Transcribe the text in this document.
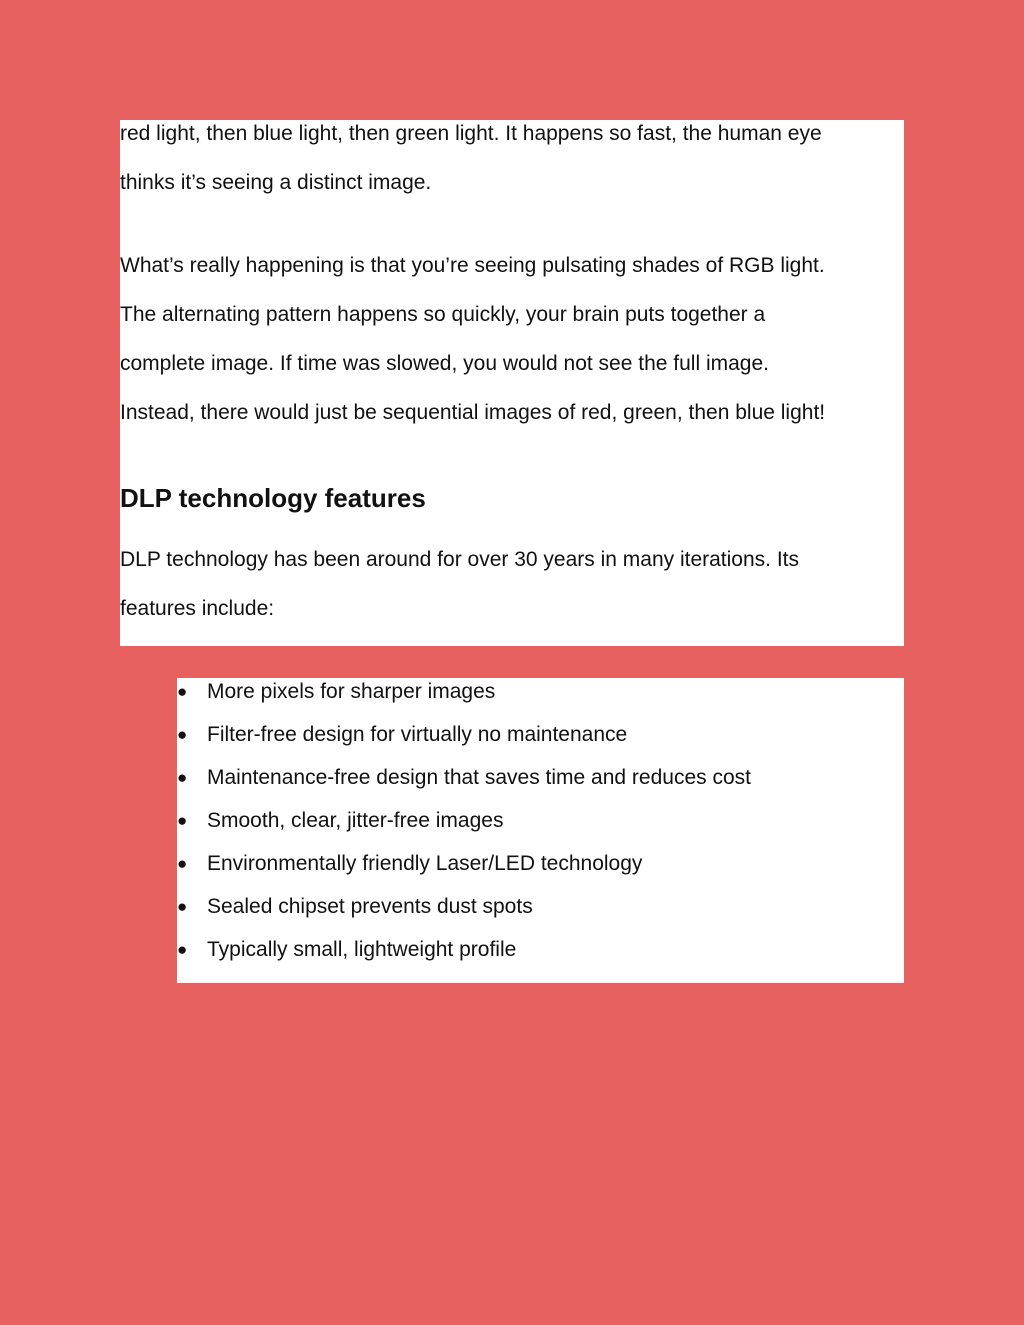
red light, then blue light, then green light. It happens so fast, the human eye

thinks it’s seeing a distinct image.

What’s really happening is that you’re seeing pulsating shades of RGB light.

The alternating pattern happens so quickly, your brain puts together a

complete image. If time was slowed, you would not see the full image.

Instead, there would just be sequential images of red, green, then blue light!

DLP technology features

DLP technology has been around for over 30 years in many iterations. Its

features include:

● More pixels for sharper images
● Filter-free design for virtually no maintenance
● Maintenance-free design that saves time and reduces cost
● Smooth, clear, jitter-free images
● Environmentally friendly Laser/LED technology
● Sealed chipset prevents dust spots
● Typically small, lightweight profile
